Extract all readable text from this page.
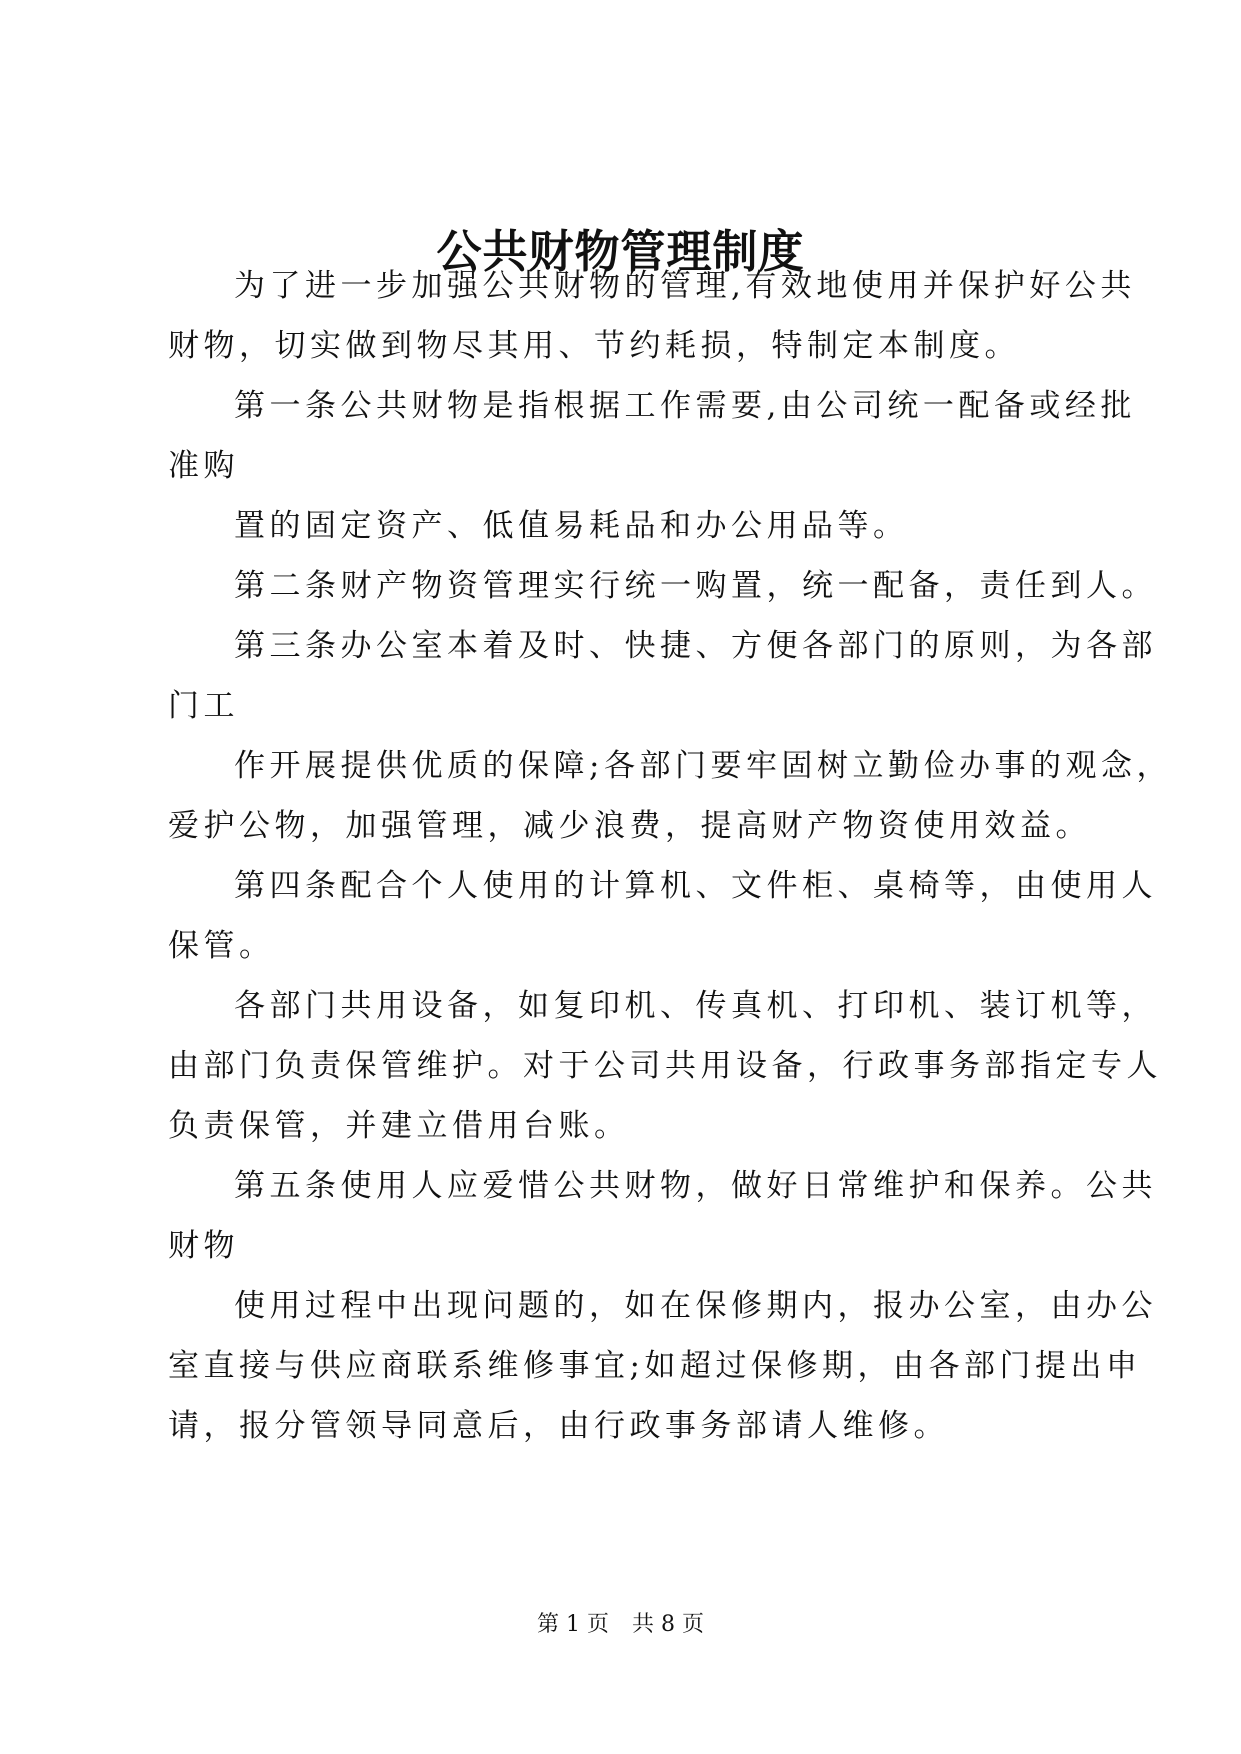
公共财物管理制度
为了进一步加强公共财物的管理,有效地使用并保护好公共
财物，切实做到物尽其用、节约耗损，特制定本制度。
第一条公共财物是指根据工作需要,由公司统一配备或经批
准购
置的固定资产、低值易耗品和办公用品等。
第二条财产物资管理实行统一购置，统一配备，责任到人。
第三条办公室本着及时、快捷、方便各部门的原则，为各部
门工
作开展提供优质的保障;各部门要牢固树立勤俭办事的观念，
爱护公物，加强管理，减少浪费，提高财产物资使用效益。
第四条配合个人使用的计算机、文件柜、桌椅等，由使用人
保管。
各部门共用设备，如复印机、传真机、打印机、装订机等，
由部门负责保管维护。对于公司共用设备，行政事务部指定专人
负责保管，并建立借用台账。
第五条使用人应爱惜公共财物，做好日常维护和保养。公共
财物
使用过程中出现问题的，如在保修期内，报办公室，由办公
室直接与供应商联系维修事宜;如超过保修期，由各部门提出申
请，报分管领导同意后，由行政事务部请人维修。
第 1 页 共 8 页
